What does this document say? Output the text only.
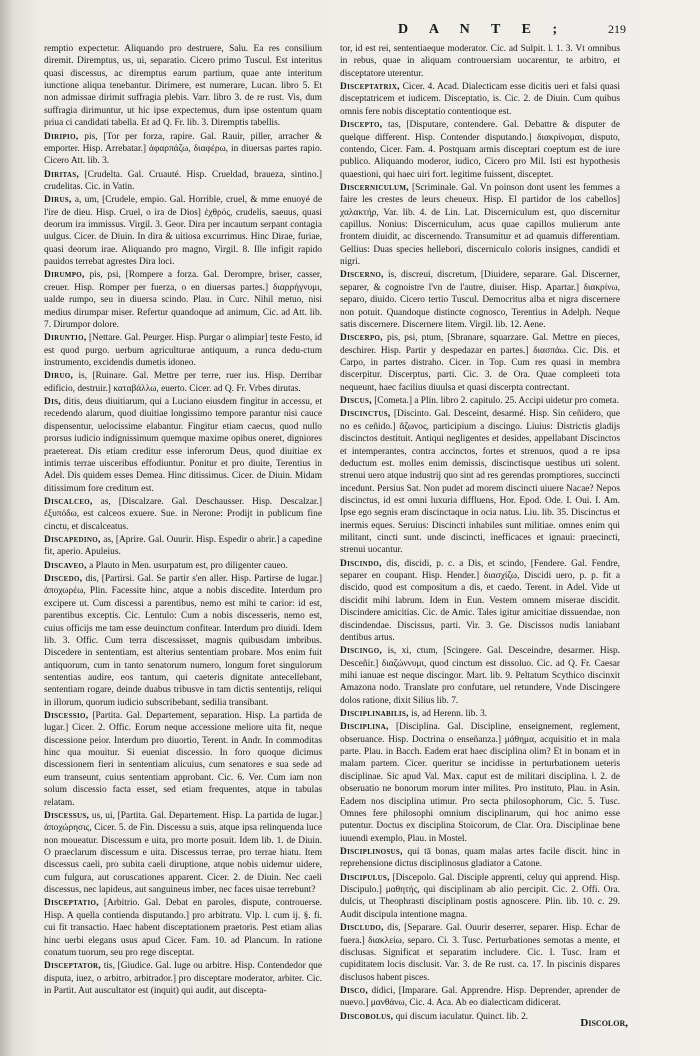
D A N T E ;	219

remptio expectetur. Aliquando pro destruere, Salu. Ea res consilium diremit. Diremptus, us, ui, separatio. Cicero primo Tuscul. Est interitus quasi discessus, ac diremptus earum partium, quae ante interitum iunctione aliqua tenebantur. Dirimere, est numerare, Lucan. libro 5. Et non admissae dirimit suffragia plebis. Varr. libro 3. de re rust. Vis, dum suffragia dirimuntur, ut hic ipse expectemus, dum ipse ostentum quam priua ci candidati tabella. Et ad Q. Fr. lib. 3. Diremptis tabellis.

Diripio, pis, [Tor per forza, rapire. Gal. Rauir, piller, arracher & emporter. Hisp. Arrebatar.] ἀφαρπάζω, διαφέρω, in diuersas partes rapio. Cicero Att. lib. 3.

Diritas, [Crudelta. Gal. Cruauté. Hisp. Crueldad, braueza, sintino.] crudelitas. Cic. in Vatin.

Dirus, a, um, [Crudele, empio. Gal. Horrible, cruel, & mme enuoyé de l'ire de dieu. Hisp. Cruel, o ira de Dios] ἐχθρός, crudelis, saeuus, quasi deorum ira immissus. Virgil. 3. Geor. Dira per incautum serpant contagia uulgus. Cicer. de Diuin. In dira & uitiosa excurrimus. Hinc Dirae, furiae, quasi deorum irae. Aliquando pro magno, Virgil. 8. Ille infigit rapido pauidos terrebat agrestes Dira loci.

Dirumpo, pis, psi, [Rompere a forza. Gal. Derompre, briser, casser, creuer. Hisp. Romper per fuerza, o en diuersas partes.] διαρρήγνυμι, ualde rumpo, seu in diuersa scindo. Plau. in Curc. Nihil metuo, nisi medius dirumpar miser. Refertur quandoque ad animum, Cic. ad Att. lib. 7. Dirumpor dolore.

Diruntio, [Nettare. Gal. Peurger. Hisp. Purgar o alimpiar] teste Festo, id est quod purgo. uerbum agriculturae antiquum, a runca dedu-ctum instrumento, excidendis dumetis idoneo.

Diruo, is, [Ruinare. Gal. Mettre per terre, ruer ius. Hisp. Derribar edificio, destruir.] καταβάλλω, euerto. Cicer. ad Q. Fr. Vrbes dirutas.

Dis, ditis, deus diuitiarum, qui a Luciano eiusdem fingitur in accessu, et recedendo alarum, quod diuitiae longissimo tempore parantur nisi cauce dispensentur, uelocissime elabantur. Fingitur etiam caecus, quod nullo prorsus iudicio indignissimum quemque maxime opibus oneret, digniores praetereat. Dis etiam creditur esse inferorum Deus, quod diuitiae ex intimis terrae uisceribus effodiuntur. Ponitur et pro diuite, Terentius in Adel. Dis quidem esses Demea. Hinc ditissimus. Cicer. de Diuin. Midam ditissimum fore creditum est.

Discalceo, as, [Discalzare. Gal. Deschausser. Hisp. Descalzar.] ἐξυπόδω, est calceos exuere. Sue. in Nerone: Prodijt in publicum fine cinctu, et discalceatus.

Discapedino, as, [Aprire. Gal. Ouurir. Hisp. Espedir o abrir.] a capedine fit, aperio. Apuleius.

Discaveo, a Plauto in Men. usurpatum est, pro diligenter caueo.

Discedo, dis, [Partirsi. Gal. Se partir s'en aller. Hisp. Partirse de lugar.] ἀποχωρέω, Plin. Facessite hinc, atque a nobis discedite. Interdum pro excipere ut. Cum discessi a parentibus, nemo est mihi te carior: id est, parentibus exceptis. Cic. Lentulo: Cum a nobis discesseris, nemo est, cuius officijs me tam esse deuinctum confitear. Interdum pro diuidi. Idem lib. 3. Offic. Cum terra discessisset, magnis quibusdam imbribus. Discedere in sententiam, est alterius sententiam probare. Mos enim fuit antiquorum, cum in tanto senatorum numero, longum foret singulorum sententias audire, eos tantum, qui caeteris dignitate antecellebant, sententiam rogare, deinde duabus tribusve in tam dictis sententijs, reliqui in illorum, quorum iudicio subscribebant, sedilia transibant.

Discessio, [Partita. Gal. Departement, separation. Hisp. La partida de lugar.] Cicer. 2. Offic. Eorum neque accessione meliore uita fit, neque discessione peior. Interdum pro diuortio, Terent. in Andr. In commoditas hinc qua mouitur. Si eueniat discessio. In foro quoque dicimus discessionem fieri in sententiam alicuius, cum senatores e sua sede ad eum transeunt, cuius sententiam approbant. Cic. 6. Ver. Cum iam non solum discessio facta esset, sed etiam frequentes, atque in tabulas relatam.

Discessus, us, ui, [Partita. Gal. Departement. Hisp. La partida de lugar.] ἀποχώρησις, Cicer. 5. de Fin. Discessu a suis, atque ipsa relinquenda luce non moueatur. Discessum e uita, pro morte posuit. Idem lib. 1. de Diuin. O praeclarum discessum e uita. Discessus terrae, pro terrae hiatu. Item discessus caeli, pro subita caeli diruptione, atque nobis uidemur uidere, cum fulgura, aut coruscationes apparent. Cicer. 2. de Diuin. Nec caeli discessus, nec lapideus, aut sanguineus imber, nec faces uisae terrebunt?

Disceptatio, [Arbitrio. Gal. Debat en paroles, dispute, controuerse. Hisp. A quella contienda disputando.] pro arbitratu. Vlp. l. cum ij. §. fi. cui fit transactio. Haec habent disceptationem praetoris. Pest etiam alias hinc uerbi elegans usus apud Cicer. Fam. 10. ad Plancum. In ratione conatum tuorum, seu pro rege disceptat.

Disceptator, tis, [Giudice. Gal. Iuge ou arbitre. Hisp. Contendedor que disputa, iuez, o arbitro, arbitrador.] pro disceptare moderator, arbiter. Cic. in Partit. Aut auscultator est (inquit) qui audit, aut discepta-

tor, id est rei, sententiaeque moderator. Cic. ad Sulpit. l. 1. 3. Vt omnibus in rebus, quae in aliquam controuersiam uocarentur, te arbitro, et disceptatore uterentur.

Disceptatrix, Cicer. 4. Acad. Dialecticam esse dicitis ueri et falsi quasi disceptatricem et iudicem. Disceptatio, is. Cic. 2. de Diuin. Cum quibus omnis fere nobis disceptatio contentioque est.

Discepto, tas, [Disputare, contendere. Gal. Debattre & disputer de quelque different. Hisp. Contender disputando.] διακρίνομαι, disputo, contendo, Cicer. Fam. 4. Postquam armis disceptari coeptum est de iure publico. Aliquando moderor, iudico, Cicero pro Mil. Isti est hypothesis quaestioni, qui haec uiri fort. legitime fuissent, disceptet.

Discerniculum, [Scriminale. Gal. Vn poinson dont usent les femmes a faire les crestes de leurs cheueux. Hisp. El partidor de los cabellos] χαλακτήρ, Var. lib. 4. de Lin. Lat. Discerniculum est, quo discernitur capillus. Nonius: Discerniculum, acus quae capillos mulierum ante frontem diuidit, ac discernendo. Transumitur et ad quamuis differentiam. Gellius: Duas species hellebori, discerniculo coloris insignes, candidi et nigri.

Discerno, is, discreui, discretum, [Diuidere, separare. Gal. Discerner, separer, & cognoistre l'vn de l'autre, diuiser. Hisp. Apartar.] διακρίνω, separo, diuido. Cicero tertio Tuscul. Democritus alba et nigra discernere non potuit. Quandoque distincte cognosco, Terentius in Adelph. Neque satis discernere. Discernere litem. Virgil. lib. 12. Aene.

Discerpo, pis, psi, ptum, [Sbranare, squarzare. Gal. Mettre en pieces, deschirer. Hisp. Partir y despedazar en partes.] διασπάω. Cic. Dis. et Carpo, in partes distraho. Cicer. in Top. Cum res quasi in membra discerpitur. Discerptus, parti. Cic. 3. de Ora. Quae compleeti tota nequeunt, haec facilius diuulsa et quasi discerpta contrectant.

Discus, [Cometa.] a Plin. libro 2. capitulo. 25. Accipi uidetur pro cometa.

Discinctus, [Discinto. Gal. Desceint, desarmé. Hisp. Sin ceñidero, que no es ceñido.] ἄζωνος, participium a discingo. Liuius: Districtis gladijs discinctos destituit. Antiqui negligentes et desides, appellabant Discinctos et intemperantes, contra accinctos, fortes et strenuos, quod a re ipsa deductum est. molles enim demissis, discinctisque uestibus uti solent. strenui uero atque industrij quo sint ad res gerendas promptiores, succincti incedunt. Persius Sat. Non pudet ad morem discincti uiuere Nacae? Nepos discinctus, id est omni luxuria diffluens, Hor. Epod. Ode. I. Oui. I. Am. Ipse ego segnis eram discinctaque in ocia natus. Liu. lib. 35. Discinctus et inermis eques. Seruius: Discincti inhabiles sunt militiae. omnes enim qui militant, cincti sunt. unde discincti, inefficaces et ignaui: praecincti, strenui uocantur.

Discindo, dis, discidi, p. c. a Dis, et scindo, [Fendere. Gal. Fendre, separer en coupant. Hisp. Hender.] διασχίζω, Discidi uero, p. p. fit a discido, quod est compositum a dis, et caedo. Terent. in Adel. Vide ut discidit mihi labrum. Idem in Eun. Vestem omnem miserae discidit. Discindere amicitias. Cic. de Amic. Tales igitur amicitiae dissuendae, non discindendae. Discissus, parti. Vir. 3. Ge. Discissos nudis laniabant dentibus artus.

Discingo, is, xi, ctum, [Scingere. Gal. Desceindre, desarmer. Hisp. Desceñir.] διαζώννυμι, quod cinctum est dissoluo. Cic. ad Q. Fr. Caesar mihi ianuae est neque discingor. Mart. lib. 9. Peltatum Scythico discinxit Amazona nodo. Translate pro confutare, uel retundere, Vnde Discingere dolos ratione, dixit Silius lib. 7.

Disciplinabilis, is, ad Herenn. lib. 3.

Disciplina, [Disciplina. Gal. Discipline, enseignement, reglement, obseruance. Hisp. Doctrina o enseñanza.] μάθημα, acquisitio et in mala parte. Plau. in Bacch. Eadem erat haec disciplina olim? Et in bonam et in malam partem. Cicer. queritur se incidisse in perturbationem ueteris disciplinae. Sic apud Val. Max. caput est de militari disciplina. l. 2. de obseruatio ne bonorum morum inter milites. Pro instituto, Plau. in Asin. Eadem nos disciplina utimur. Pro secta philosophorum, Cic. 5. Tusc. Omnes fere philosophi omnium disciplinarum, qui hoc animo esse putentur. Doctus ex disciplina Stoicorum, de Clar. Ora. Disciplinae bene iuuendi exemplo, Plau. in Mostel.

Disciplinosus, qui tā bonas, quam malas artes facile discit. hinc in reprehensione dictus disciplinosus gladiator a Catone.

Discipulus, [Discepolo. Gal. Disciple apprenti, celuy qui apprend. Hisp. Discipulo.] μαθητής, qui disciplinam ab alio percipit. Cic. 2. Offi. Ora. dulcis, ut Theophrasti disciplinam postis agnoscere. Plin. lib. 10. c. 29. Audit discipula intentione magna.

Discludo, dis, [Separare. Gal. Ouurir deserrer, separer. Hisp. Echar de fuera.] διακλείω, separo. Ci. 3. Tusc. Perturbationes semotas a mente, et disclusas. Significat et separatim includere. Cic. I. Tusc. Iram et cupiditatem locis disclusit. Var. 3. de Re rust. ca. 17. In piscinis dispares disclusos habent pisces.

Disco, didici, [Imparare. Gal. Apprendre. Hisp. Deprender, aprender de nuevo.] μανθάνω, Cic. 4. Aca. Ab eo dialecticam didicerat.

Discobolus, qui discum iaculatur. Quinct. lib. 2.

Discolor,
